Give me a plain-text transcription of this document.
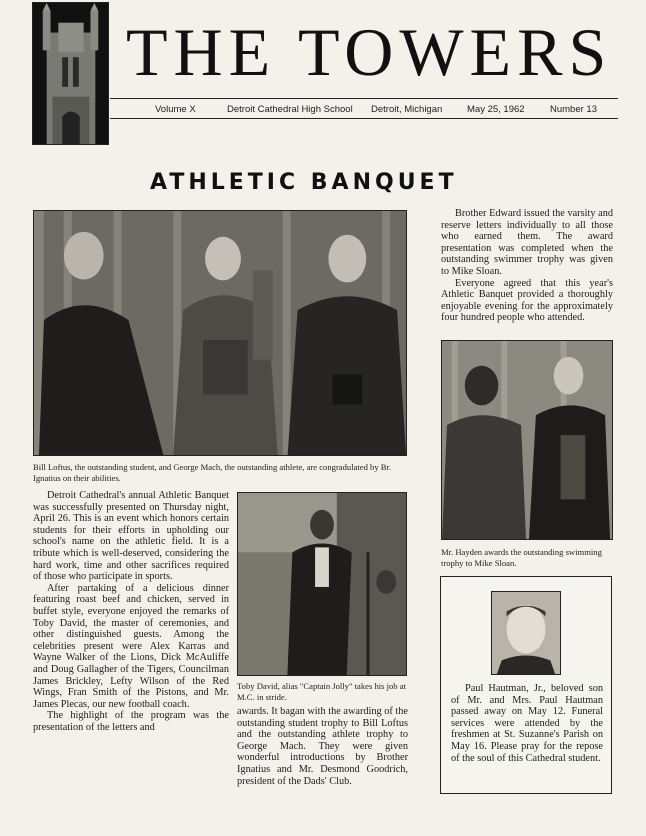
THE TOWERS
Volume X	Detroit Cathedral High School Detroit, Michigan	May 25, 1962	Number 13
ATHLETIC BANQUET
Bill Loftus, the outstanding student, and George Mach, the outstanding athlete, are congradulated by Br. Ignatius on their abilities.

Detroit Cathedral's annual Athletic Banquet was successfully presented on Thursday night, April 26. This is an event which honors certain students for their efforts in upholding our school's name on the athletic field. It is a tribute which is well-deserved, considering the hard work, time and other sacrifices required of those who participate in sports.

After partaking of a delicious dinner featuring roast beef and chicken, served in buffet style, everyone enjoyed the remarks of Toby David, the master of ceremonies, and other distinguished guests. Among the celebrities present were Alex Karras and Wayne Walker of the Lions, Dick McAuliffe and Doug Gallagher of the Tigers, Councilman James Brickley, Lefty Wilson of the Red Wings, Fran Smith of the Pistons, and Mr. James Plecas, our new football coach.

The highlight of the program was the presentation of the letters and

Toby David, alias "Captain Jolly" takes his job at M.C. in stride.
awards. It bagan with the awarding of the outstanding student trophy to Bill Loftus and the outstanding athlete trophy to George Mach. They were given wonderful introductions by Brother Ignatius and Mr. Desmond Goodrich, president of the Dads' Club.

Brother Edward issued the varsity and reserve letters individually to all those who earned them. The award presentation was completed when the outstanding swimmer trophy was given to Mike Sloan.

Everyone agreed that this year's Athletic Banquet provided a thoroughly enjoyable evening for the approximately four hundred people who attended.

Mr. Hayden awards the outstanding swimming trophy to Mike Sloan.
Paul Hautman, Jr., beloved son of Mr. and Mrs. Paul Hautman passed away on May 12. Funeral services were attended by the freshmen at St. Suzanne's Parish on May 16. Please pray for the repose of the soul of this Cathedral student.
